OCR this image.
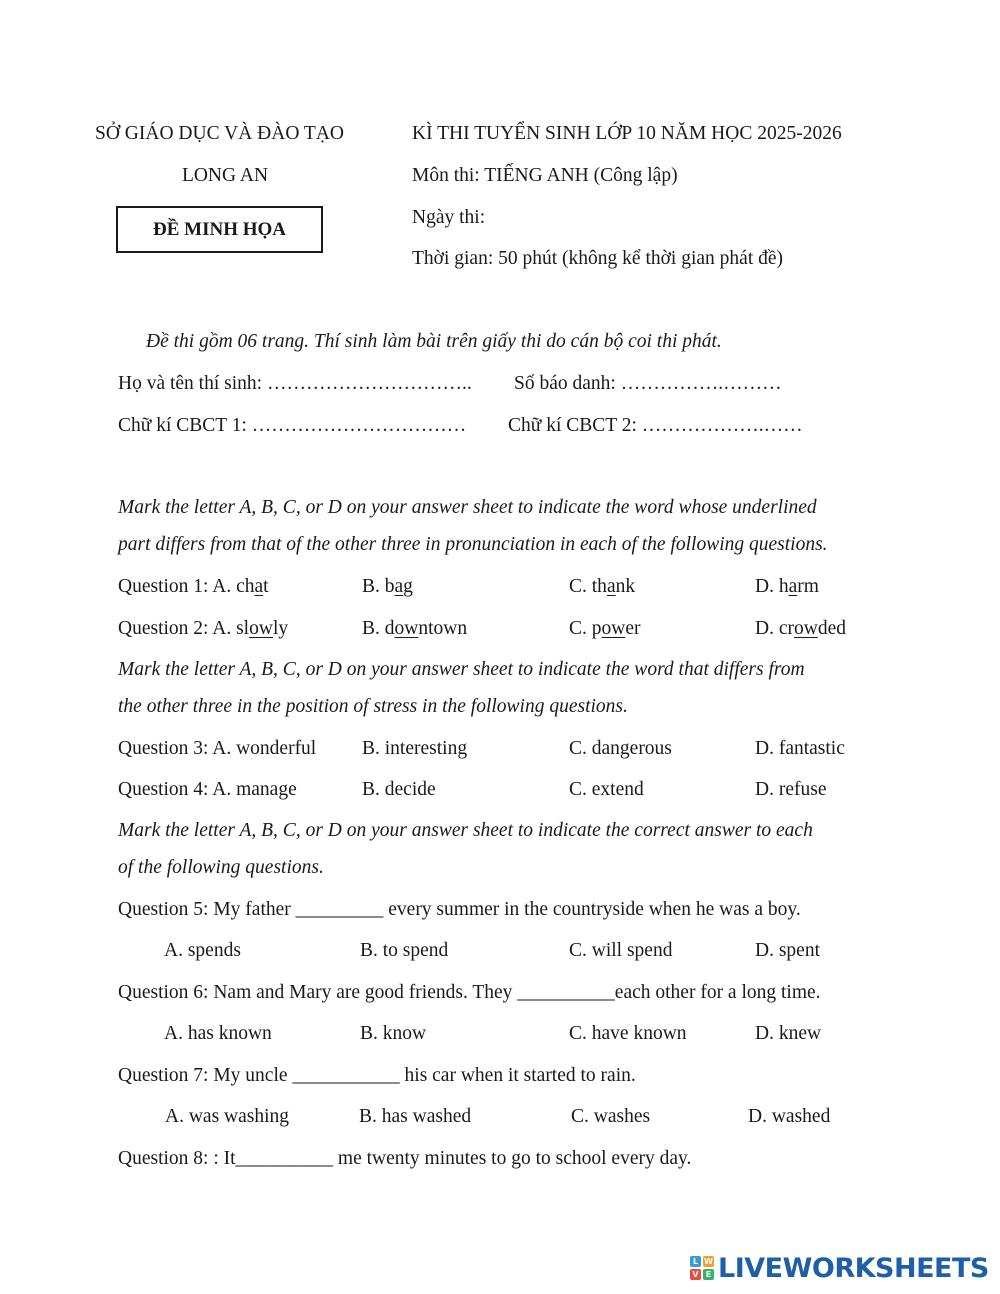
SỞ GIÁO DỤC VÀ ĐÀO TẠO
LONG AN
ĐỀ MINH HỌA
KÌ THI TUYỂN SINH LỚP 10 NĂM HỌC 2025-2026
Môn thi: TIẾNG ANH (Công lập)
Ngày thi:
Thời gian: 50 phút (không kể thời gian phát đề)
Đề thi gồm 06 trang. Thí sinh làm bài trên giấy thi do cán bộ coi thi phát.
Họ và tên thí sinh: ………………………….. Số báo danh: …………….………
Chữ kí CBCT 1: …………………………… Chữ kí CBCT 2: ……………….……
Mark the letter A, B, C, or D on your answer sheet to indicate the word whose underlined
part differs from that of the other three in pronunciation in each of the following questions.
Question 1: A. chat	B. bag	C. thank	D. harm
Question 2: A. slowly	B. downtown	C. power	D. crowded
Mark the letter A, B, C, or D on your answer sheet to indicate the word that differs from
the other three in the position of stress in the following questions.
Question 3: A. wonderful B. interesting	C. dangerous	D. fantastic
Question 4: A. manage	B. decide	C. extend	D. refuse
Mark the letter A, B, C, or D on your answer sheet to indicate the correct answer to each
of the following questions.
Question 5: My father _________ every summer in the countryside when he was a boy.
A. spends	B. to spend	C. will spend	D. spent
Question 6: Nam and Mary are good friends. They __________each other for a long time.
A. has known	B. know	C. have known	D. knew
Question 7: My uncle ___________ his car when it started to rain.
A. was washing	B. has washed	C. washes	D. washed
Question 8: : It__________ me twenty minutes to go to school every day.
L W
V E LIVEWORKSHEETS
